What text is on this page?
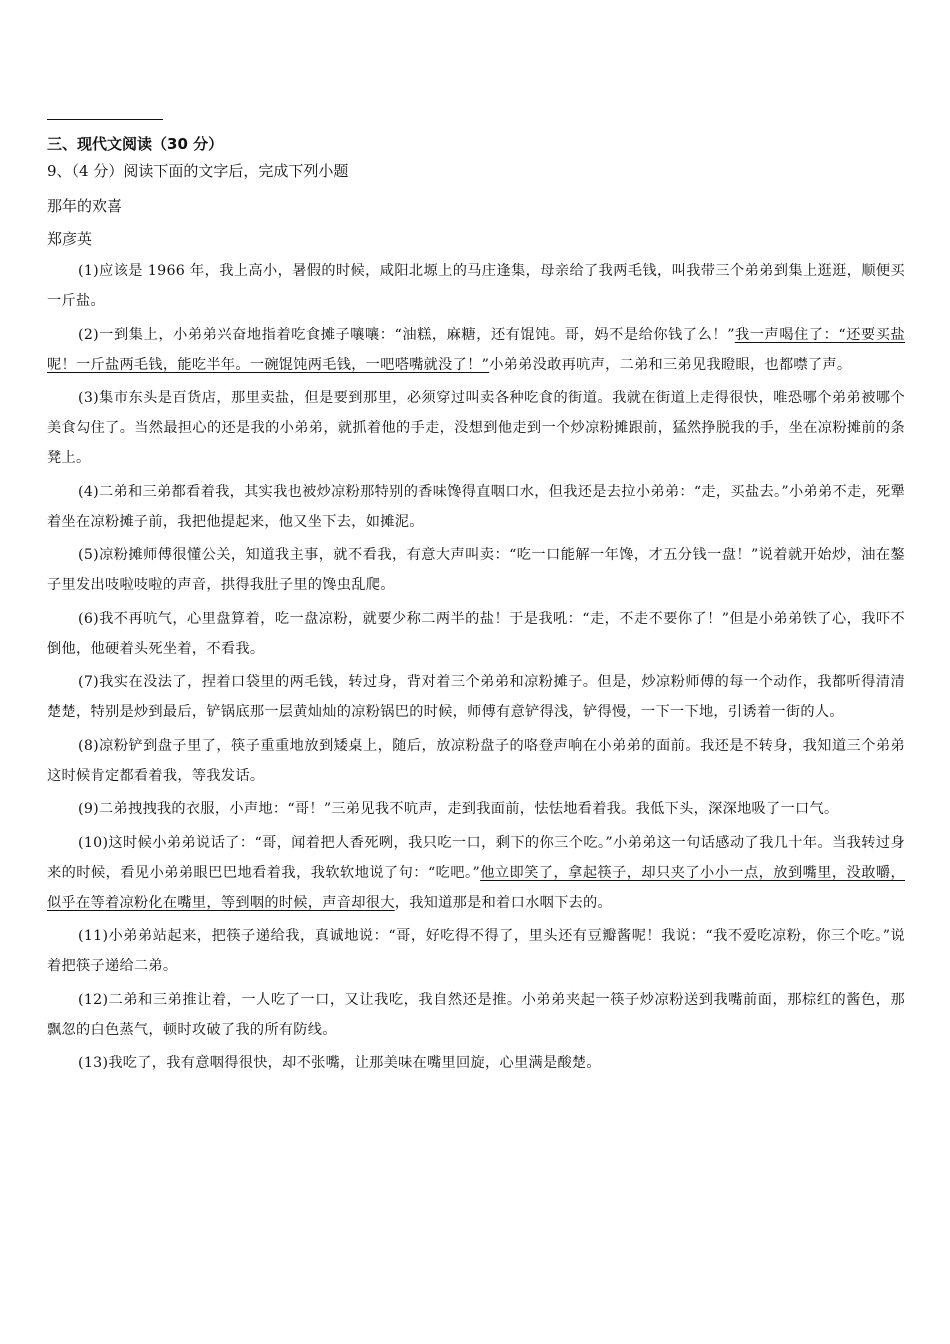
三、现代文阅读（30 分）
9、（4 分）阅读下面的文字后，完成下列小题
那年的欢喜
郑彦英

(1)应该是 1966 年，我上高小，暑假的时候，咸阳北塬上的马庄逢集，母亲给了我两毛钱，叫我带三个弟弟到集上逛逛，顺便买一斤盐。

(2)一到集上，小弟弟兴奋地指着吃食摊子嚷嚷：“油糕，麻糖，还有馄饨。哥，妈不是给你钱了么！”我一声喝住了：“还要买盐呢！一斤盐两毛钱，能吃半年。一碗馄饨两毛钱，一吧嗒嘴就没了！”小弟弟没敢再吭声，二弟和三弟见我瞪眼，也都噤了声。

(3)集市东头是百货店，那里卖盐，但是要到那里，必须穿过叫卖各种吃食的街道。我就在街道上走得很快，唯恐哪个弟弟被哪个美食勾住了。当然最担心的还是我的小弟弟，就抓着他的手走，没想到他走到一个炒凉粉摊跟前，猛然挣脱我的手，坐在凉粉摊前的条凳上。

(4)二弟和三弟都看着我，其实我也被炒凉粉那特别的香味馋得直咽口水，但我还是去拉小弟弟：“走，买盐去。”小弟弟不走，死犟着坐在凉粉摊子前，我把他提起来，他又坐下去，如摊泥。

(5)凉粉摊师傅很懂公关，知道我主事，就不看我，有意大声叫卖：“吃一口能解一年馋，才五分钱一盘！”说着就开始炒，油在鏊子里发出吱啦吱啦的声音，拱得我肚子里的馋虫乱爬。

(6)我不再吭气，心里盘算着，吃一盘凉粉，就要少称二两半的盐！于是我吼：“走，不走不要你了！”但是小弟弟铁了心，我吓不倒他，他硬着头死坐着，不看我。

(7)我实在没法了，捏着口袋里的两毛钱，转过身，背对着三个弟弟和凉粉摊子。但是，炒凉粉师傅的每一个动作，我都听得清清楚楚，特别是炒到最后，铲锅底那一层黄灿灿的凉粉锅巴的时候，师傅有意铲得浅，铲得慢，一下一下地，引诱着一街的人。

(8)凉粉铲到盘子里了，筷子重重地放到矮桌上，随后，放凉粉盘子的咯登声响在小弟弟的面前。我还是不转身，我知道三个弟弟这时候肯定都看着我，等我发话。

(9)二弟拽拽我的衣服，小声地：“哥！”三弟见我不吭声，走到我面前，怯怯地看着我。我低下头，深深地吸了一口气。

(10)这时候小弟弟说话了：“哥，闻着把人香死咧，我只吃一口，剩下的你三个吃。”小弟弟这一句话感动了我几十年。当我转过身来的时候，看见小弟弟眼巴巴地看着我，我软软地说了句：“吃吧。”他立即笑了，拿起筷子，却只夹了小小一点，放到嘴里，没敢嚼，似乎在等着凉粉化在嘴里，等到咽的时候，声音却很大，我知道那是和着口水咽下去的。

(11)小弟弟站起来，把筷子递给我，真诚地说：“哥，好吃得不得了，里头还有豆瓣酱呢！我说：“我不爱吃凉粉，你三个吃。”说着把筷子递给二弟。

(12)二弟和三弟推让着，一人吃了一口，又让我吃，我自然还是推。小弟弟夹起一筷子炒凉粉送到我嘴前面，那棕红的酱色，那飘忽的白色蒸气，顿时攻破了我的所有防线。

(13)我吃了，我有意咽得很快，却不张嘴，让那美味在嘴里回旋，心里满是酸楚。
